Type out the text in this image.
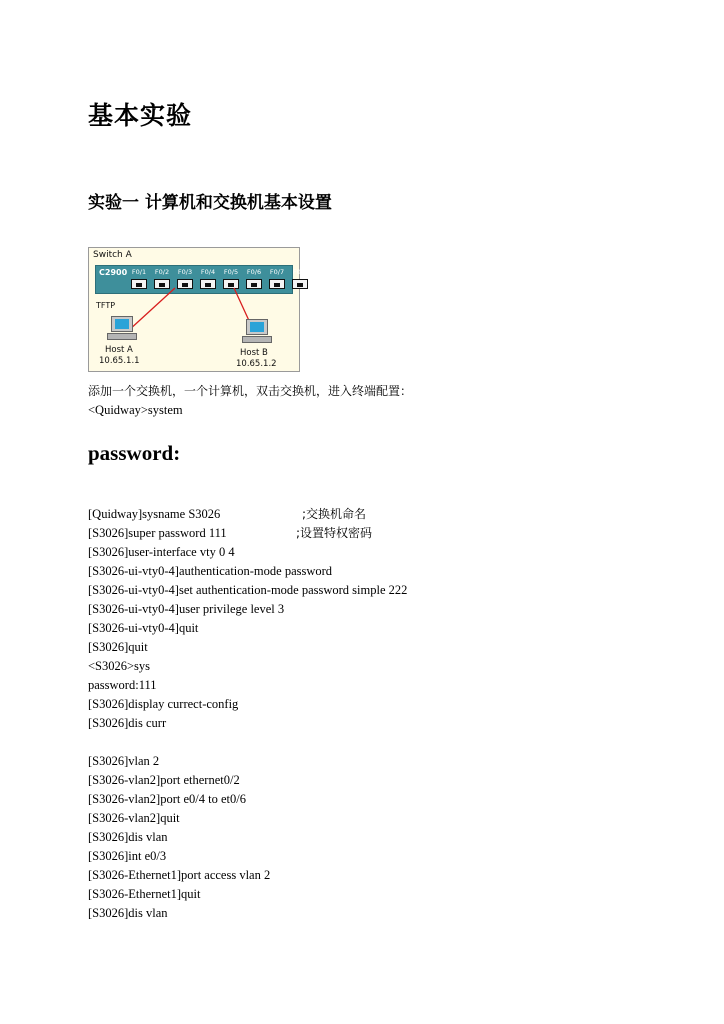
基本实验
实验一 计算机和交换机基本设置
Switch A
C2900 F0/1 F0/2 F0/3 F0/4 F0/5 F0/6 F0/7 F0/8
TFTP
Host A
10.65.1.1
Host B
10.65.1.2
添加一个交换机，一个计算机，双击交换机，进入终端配置：
<Quidway>system
password:
[Quidway]sysname S3026	;交换机命名
[S3026]super password 111	;设置特权密码
[S3026]user-interface vty 0 4
[S3026-ui-vty0-4]authentication-mode password
[S3026-ui-vty0-4]set authentication-mode password simple 222
[S3026-ui-vty0-4]user privilege level 3
[S3026-ui-vty0-4]quit
[S3026]quit
<S3026>sys
password:111
[S3026]display currect-config
[S3026]dis curr
[S3026]vlan 2
[S3026-vlan2]port ethernet0/2
[S3026-vlan2]port e0/4 to et0/6
[S3026-vlan2]quit
[S3026]dis vlan
[S3026]int e0/3
[S3026-Ethernet1]port access vlan 2
[S3026-Ethernet1]quit
[S3026]dis vlan
